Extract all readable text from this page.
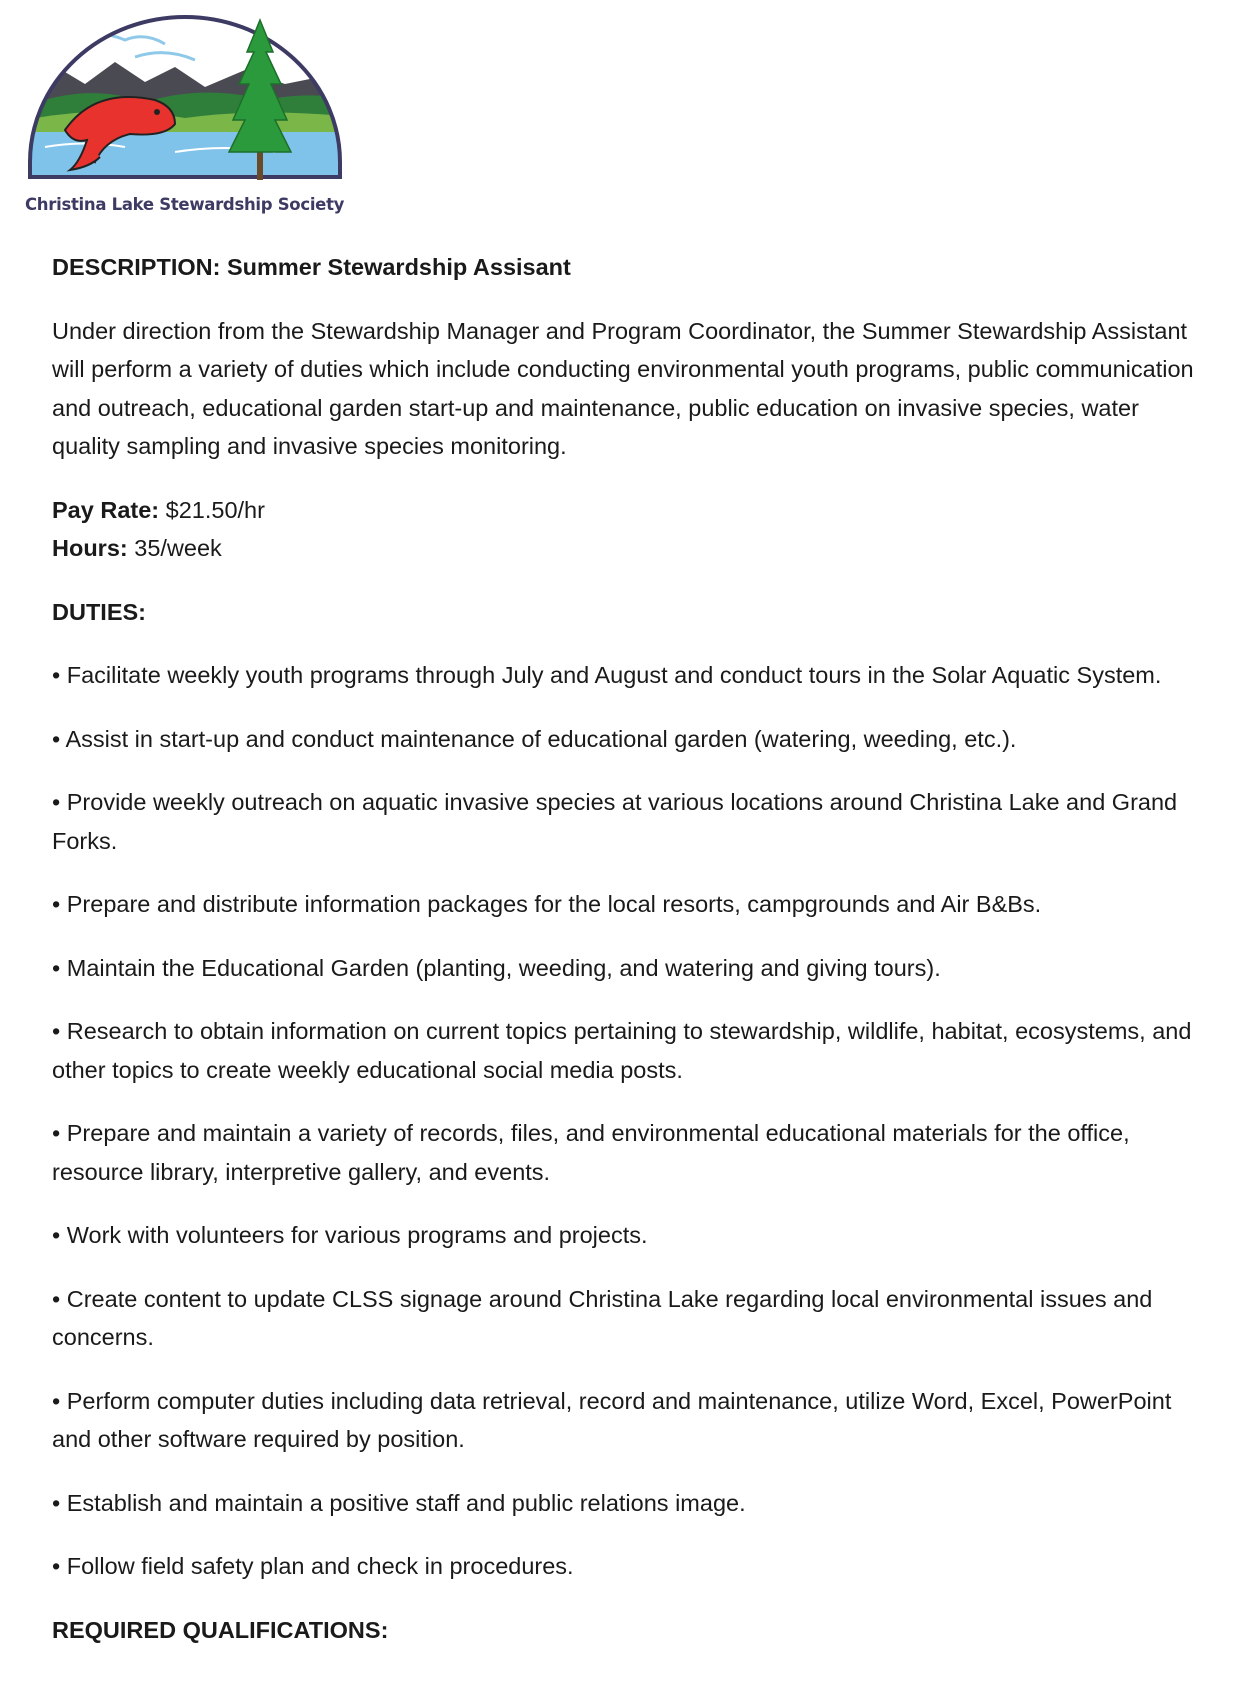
Christina Lake Stewardship Society

DESCRIPTION: Summer Stewardship Assisant

Under direction from the Stewardship Manager and Program Coordinator, the Summer Stewardship Assistant will perform a variety of duties which include conducting environmental youth programs, public communication and outreach, educational garden start-up and maintenance, public education on invasive species, water quality sampling and invasive species monitoring.

Pay Rate: $21.50/hr
Hours: 35/week

DUTIES:

• Facilitate weekly youth programs through July and August and conduct tours in the Solar Aquatic System.

• Assist in start-up and conduct maintenance of educational garden (watering, weeding, etc.).

• Provide weekly outreach on aquatic invasive species at various locations around Christina Lake and Grand Forks.

• Prepare and distribute information packages for the local resorts, campgrounds and Air B&Bs.

• Maintain the Educational Garden (planting, weeding, and watering and giving tours).

• Research to obtain information on current topics pertaining to stewardship, wildlife, habitat, ecosystems, and other topics to create weekly educational social media posts.

• Prepare and maintain a variety of records, files, and environmental educational materials for the office, resource library, interpretive gallery, and events.

• Work with volunteers for various programs and projects.

• Create content to update CLSS signage around Christina Lake regarding local environmental issues and concerns.

• Perform computer duties including data retrieval, record and maintenance, utilize Word, Excel, PowerPoint and other software required by position.

• Establish and maintain a positive staff and public relations image.

• Follow field safety plan and check in procedures.

REQUIRED QUALIFICATIONS:
